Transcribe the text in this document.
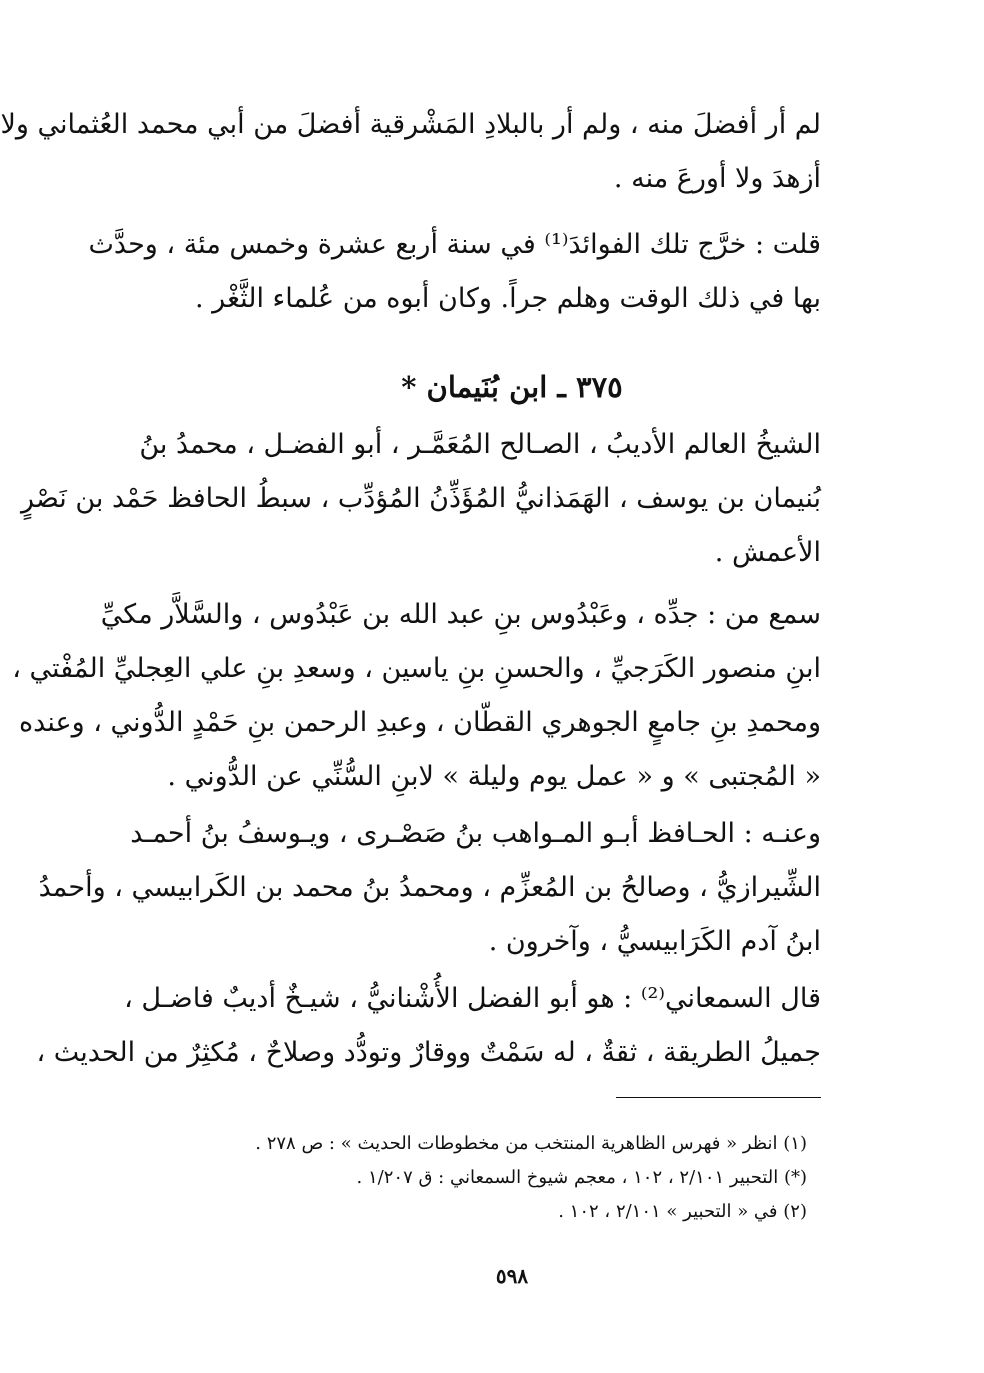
لم أر أفضلَ منه ، ولم أر بالبلادِ المَشْرقية أفضلَ من أبي محمد العُثماني ولا
أزهدَ ولا أورعَ منه .
قلت : خرَّج تلك الفوائدَ⁽¹⁾ في سنة أربع عشرة وخمس مئة ، وحدَّث
بها في ذلك الوقت وهلم جراً. وكان أبوه من عُلماء الثَّغْر .
٣٧٥ ـ ابن بُنَيمان *
الشيخُ العالم الأديبُ ، الصـالح المُعَمَّـر ، أبو الفضـل ، محمدُ بنُ
بُنيمان بن يوسف ، الهَمَذانيُّ المُؤَذِّنُ المُؤدِّب ، سبطُ الحافظ حَمْد بن نَصْرٍ
الأعمش .
سمع من : جدِّه ، وعَبْدُوس بنِ عبد الله بن عَبْدُوس ، والسَّلاَّر مكيِّ
ابنِ منصور الكَرَجيِّ ، والحسنِ بنِ ياسين ، وسعدِ بنِ علي العِجليِّ المُفْتي ،
ومحمدِ بنِ جامعٍ الجوهري القطّان ، وعبدِ الرحمن بنِ حَمْدٍ الدُّوني ، وعنده
« المُجتبى » و « عمل يوم وليلة » لابنِ السُّنِّي عن الدُّوني .
وعنـه : الحـافظ أبـو المـواهب بنُ صَصْـرى ، ويـوسفُ بنُ أحمـد
الشِّيرازيُّ ، وصالحُ بن المُعزِّم ، ومحمدُ بنُ محمد بن الكَرابيسي ، وأحمدُ
ابنُ آدم الكَرَابيسيُّ ، وآخرون .
قال السمعاني⁽²⁾ : هو أبو الفضل الأُشْنانيُّ ، شيـخٌ أديبٌ فاضـل ،
جميلُ الطريقة ، ثقةٌ ، له سَمْتٌ ووقارٌ وتودُّد وصلاحٌ ، مُكثِرٌ من الحديث ،
(١) انظر « فهرس الظاهرية المنتخب من مخطوطات الحديث » : ص ٢٧٨ .
(*) التحبير ٢/١٠١ ، ١٠٢ ، معجم شيوخ السمعاني : ق ١/٢٠٧ .
(٢) في « التحبير » ٢/١٠١ ، ١٠٢ .
٥٩٨
